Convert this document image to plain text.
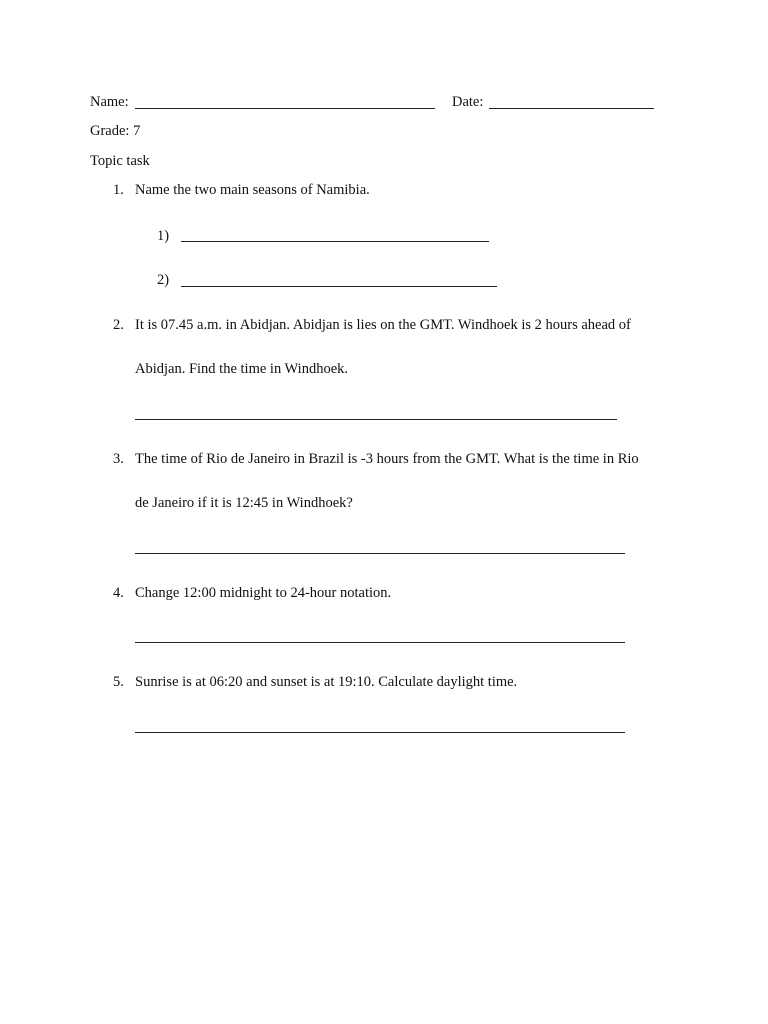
Name:	Date:
Grade: 7
Topic task
1. Name the two main seasons of Namibia.
1)
2)
2. It is 07.45 a.m. in Abidjan. Abidjan is lies on the GMT. Windhoek is 2 hours ahead of
Abidjan. Find the time in Windhoek.
3. The time of Rio de Janeiro in Brazil is -3 hours from the GMT. What is the time in Rio
de Janeiro if it is 12:45 in Windhoek?
4. Change 12:00 midnight to 24-hour notation.
5. Sunrise is at 06:20 and sunset is at 19:10. Calculate daylight time.
